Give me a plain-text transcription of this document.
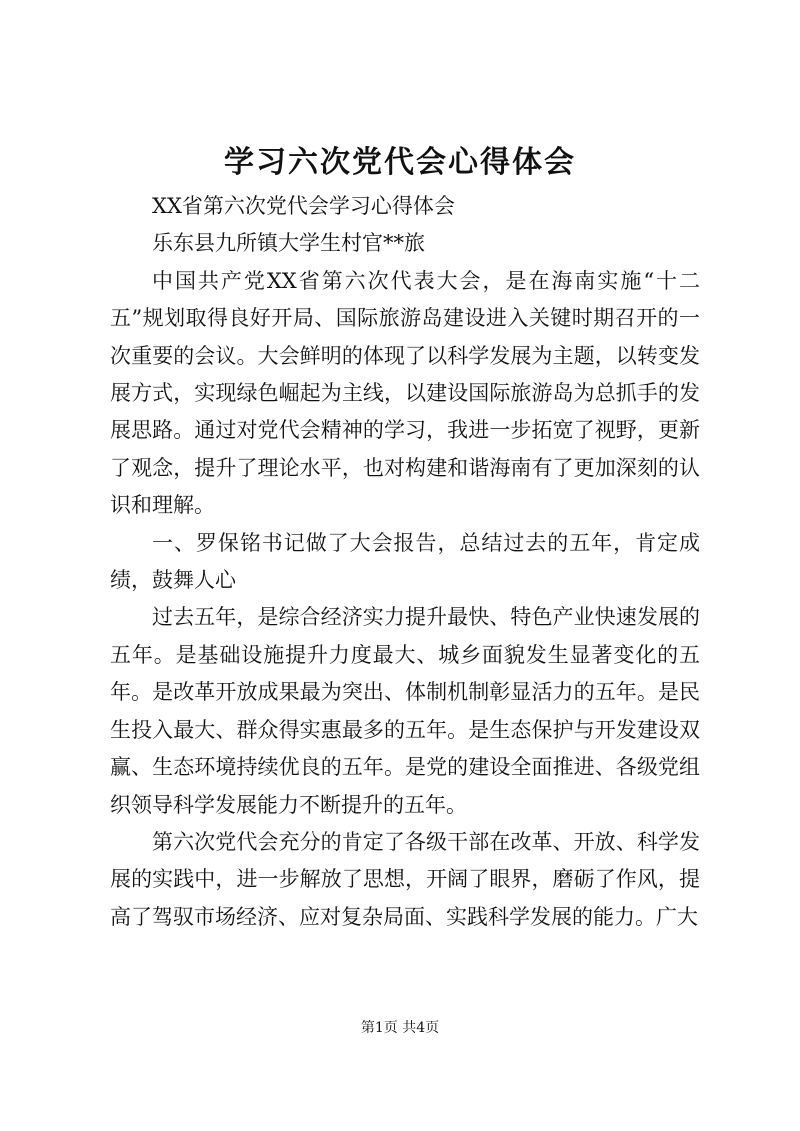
学习六次党代会心得体会

XX省第六次党代会学习心得体会

乐东县九所镇大学生村官**旅

中国共产党XX省第六次代表大会，是在海南实施“十二五”规划取得良好开局、国际旅游岛建设进入关键时期召开的一次重要的会议。大会鲜明的体现了以科学发展为主题，以转变发展方式，实现绿色崛起为主线，以建设国际旅游岛为总抓手的发展思路。通过对党代会精神的学习，我进一步拓宽了视野，更新了观念，提升了理论水平，也对构建和谐海南有了更加深刻的认识和理解。

一、罗保铭书记做了大会报告，总结过去的五年，肯定成绩，鼓舞人心

过去五年，是综合经济实力提升最快、特色产业快速发展的五年。是基础设施提升力度最大、城乡面貌发生显著变化的五年。是改革开放成果最为突出、体制机制彰显活力的五年。是民生投入最大、群众得实惠最多的五年。是生态保护与开发建设双赢、生态环境持续优良的五年。是党的建设全面推进、各级党组织领导科学发展能力不断提升的五年。

第六次党代会充分的肯定了各级干部在改革、开放、科学发展的实践中，进一步解放了思想，开阔了眼界，磨砺了作风，提高了驾驭市场经济、应对复杂局面、实践科学发展的能力。广大

第1页 共4页
